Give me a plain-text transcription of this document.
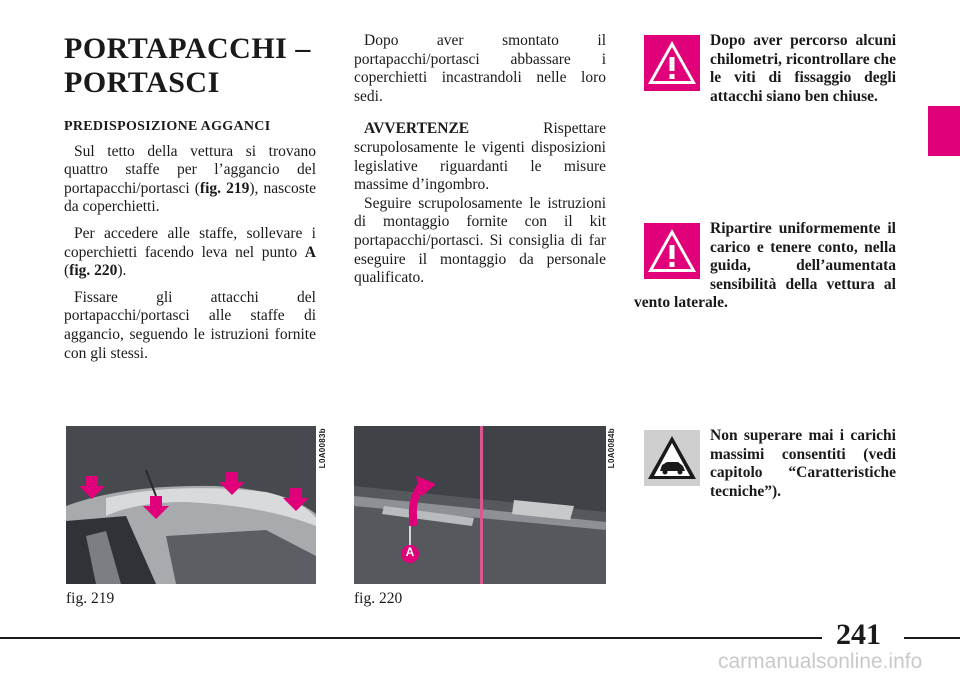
PORTAPACCHI – PORTASCI

PREDISPOSIZIONE AGGANCI

Sul tetto della vettura si trovano quattro staffe per l’aggancio del portapacchi/portasci (fig. 219), nascoste da coperchietti.

Per accedere alle staffe, sollevare i coperchietti facendo leva nel punto A (fig. 220).

Fissare gli attacchi del portapacchi/portasci alle staffe di aggancio, seguendo le istruzioni fornite con gli stessi.

Dopo aver smontato il portapacchi/portasci abbassare i coperchietti incastrandoli nelle loro sedi.

AVVERTENZE Rispettare scrupolosamente le vigenti disposizioni legislative riguardanti le misure massime d’ingombro.

Seguire scrupolosamente le istruzioni di montaggio fornite con il kit portapacchi/portasci. Si consiglia di far eseguire il montaggio da personale qualificato.

Dopo aver percorso alcuni chilometri, ricontrollare che le viti di fissaggio degli attacchi siano ben chiuse.
Ripartire uniformemente il carico e tenere conto, nella guida, dell’aumentata sensibilità della vettura al vento laterale.
Non superare mai i carichi massimi consentiti (vedi capitolo “Caratteristiche tecniche”).
L0A0083b
fig. 219
A
L0A0084b
fig. 220
241
carmanualsonline.info
